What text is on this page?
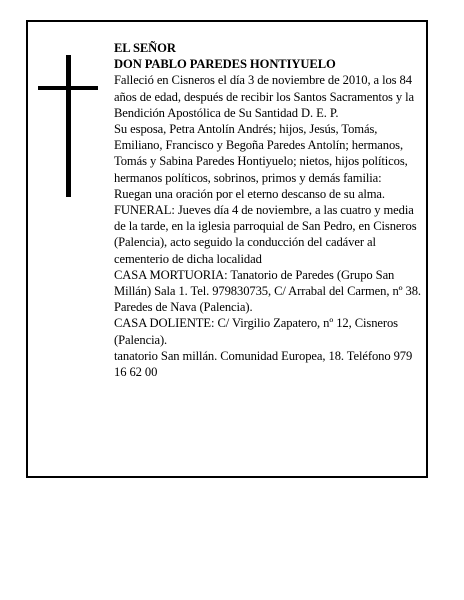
EL SEÑOR

DON PABLO PAREDES HONTIYUELO

Falleció en Cisneros el día 3 de noviembre de 2010, a los 84 años de edad, después de recibir los Santos Sacramentos y la Bendición Apostólica de Su Santidad D. E. P.

Su esposa, Petra Antolín Andrés; hijos, Jesús, Tomás, Emiliano, Francisco y Begoña Paredes Antolín; hermanos, Tomás y Sabina Paredes Hontiyuelo; nietos, hijos políticos, hermanos políticos, sobrinos, primos y demás familia:

Ruegan una oración por el eterno descanso de su alma.

FUNERAL: Jueves día 4 de noviembre, a las cuatro y media de la tarde, en la iglesia parroquial de San Pedro, en Cisneros (Palencia), acto seguido la conducción del cadáver al cementerio de dicha localidad

CASA MORTUORIA: Tanatorio de Paredes (Grupo San Millán) Sala 1. Tel. 979830735, C/ Arrabal del Carmen, nº 38. Paredes de Nava (Palencia).

CASA DOLIENTE: C/ Virgilio Zapatero, nº 12, Cisneros (Palencia).

tanatorio San millán. Comunidad Europea, 18. Teléfono 979 16 62 00
